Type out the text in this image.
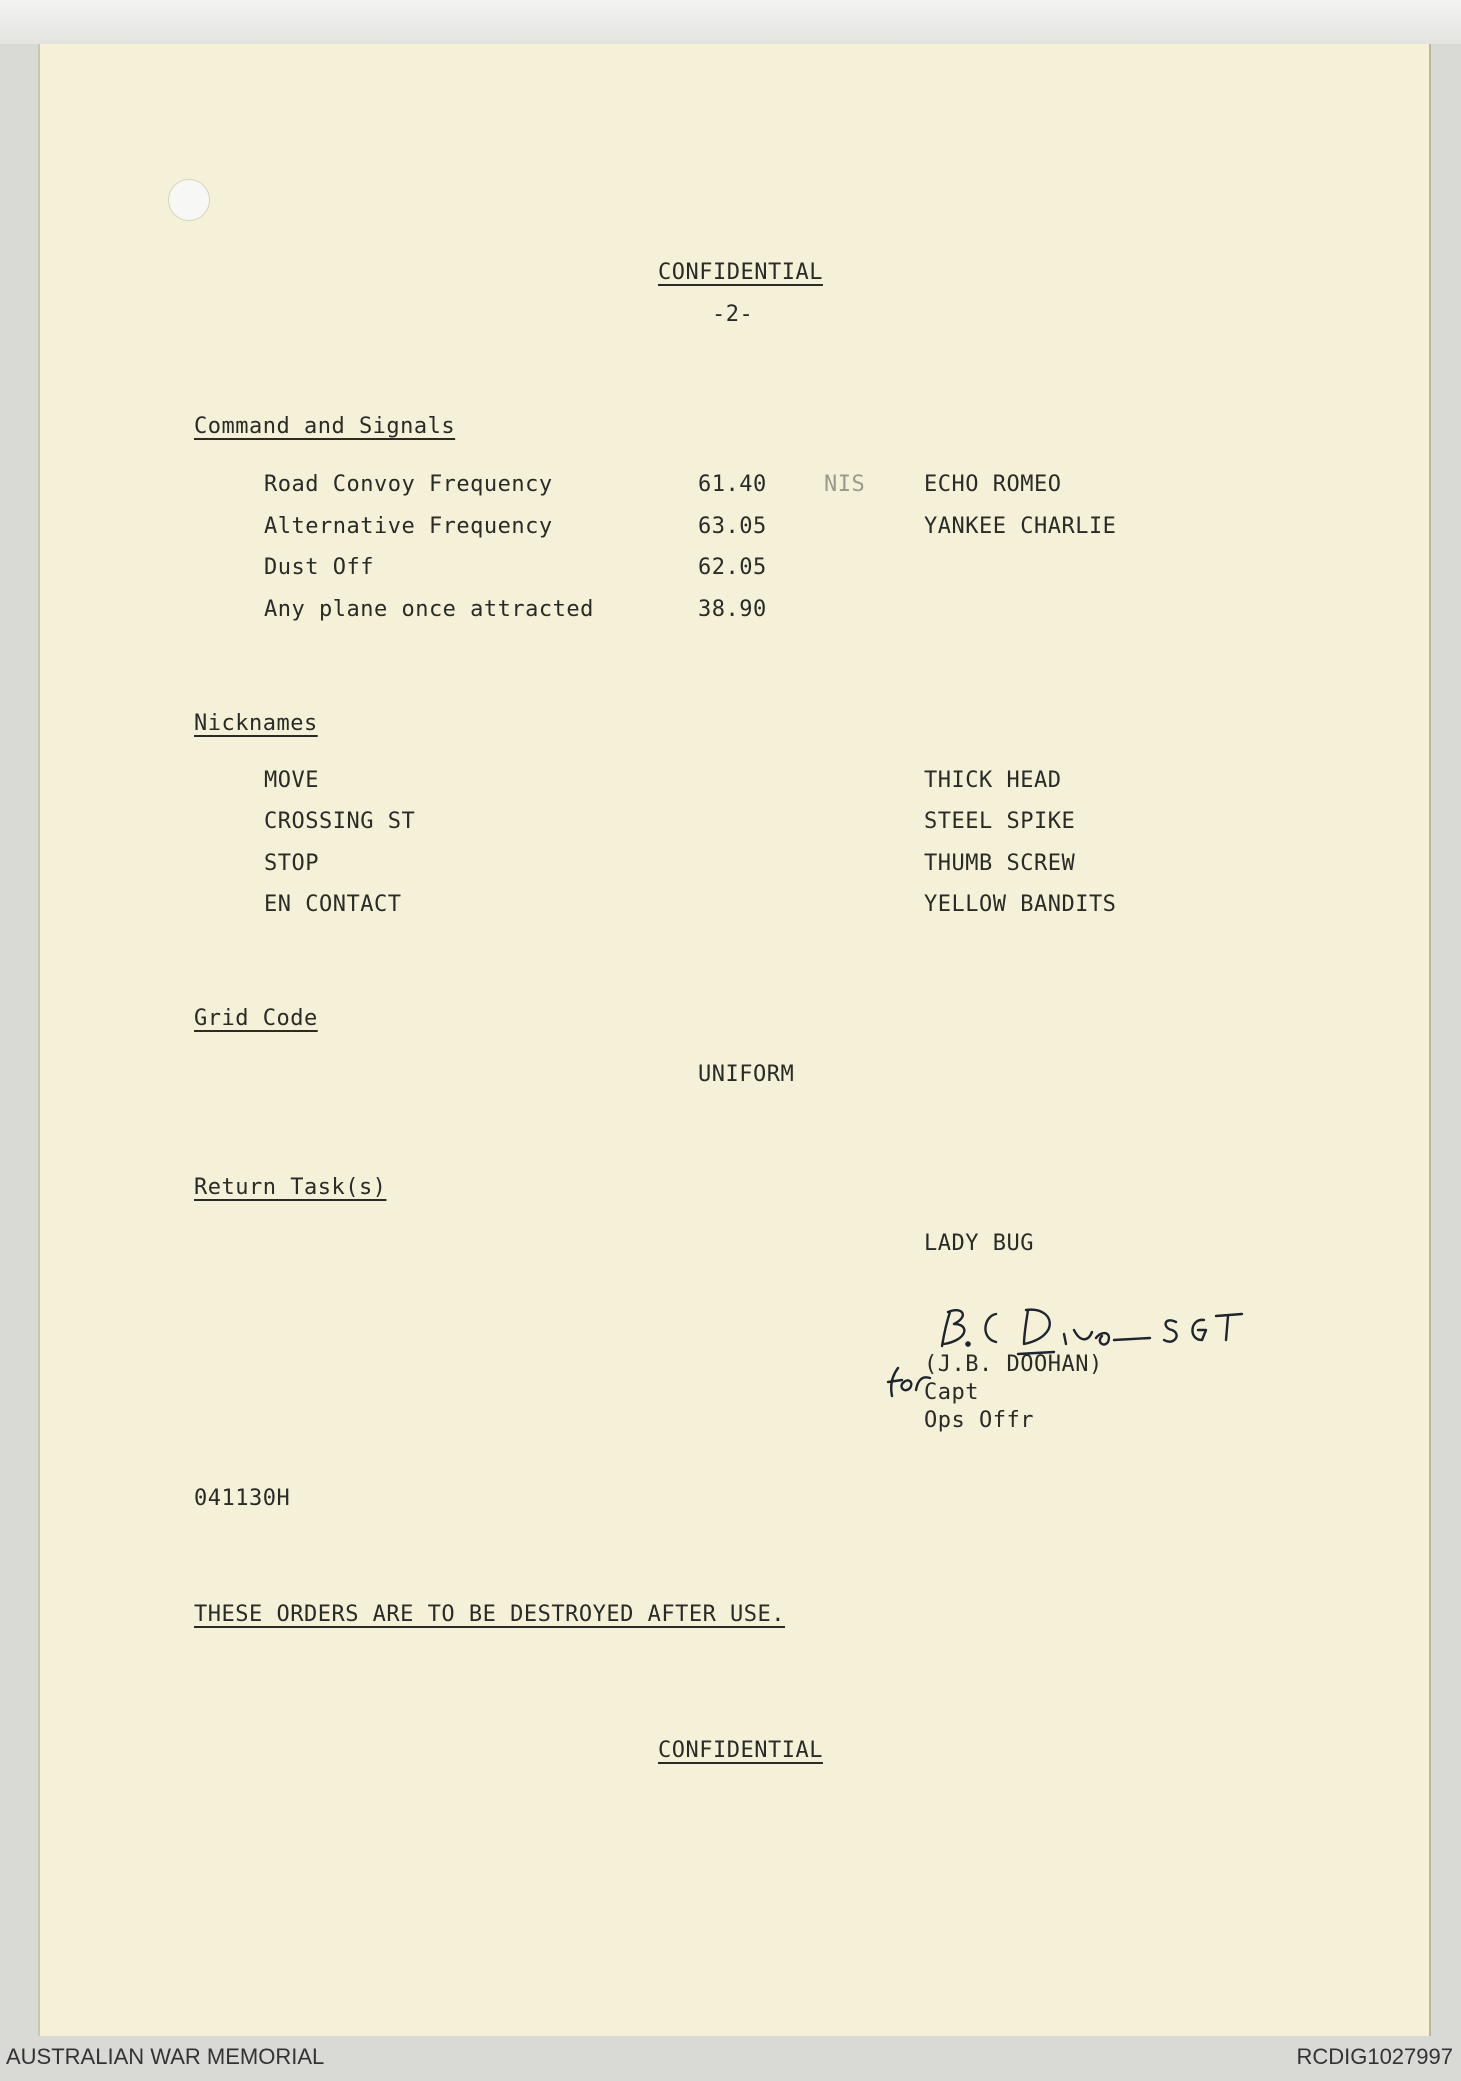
CONFIDENTIAL
-2-
Command and Signals
Road Convoy Frequency	61.40	NIS	ECHO ROMEO
Alternative Frequency	63.05	YANKEE CHARLIE
Dust Off	62.05
Any plane once attracted	38.90
Nicknames
MOVE	THICK HEAD
CROSSING ST	STEEL SPIKE
STOP	THUMB SCREW
EN CONTACT	YELLOW BANDITS
Grid Code
UNIFORM
Return Task(s)
LADY BUG
(J.B. DOOHAN)
Capt
Ops Offr
041130H
THESE ORDERS ARE TO BE DESTROYED AFTER USE.
CONFIDENTIAL
AUSTRALIAN WAR MEMORIAL	RCDIG1027997
